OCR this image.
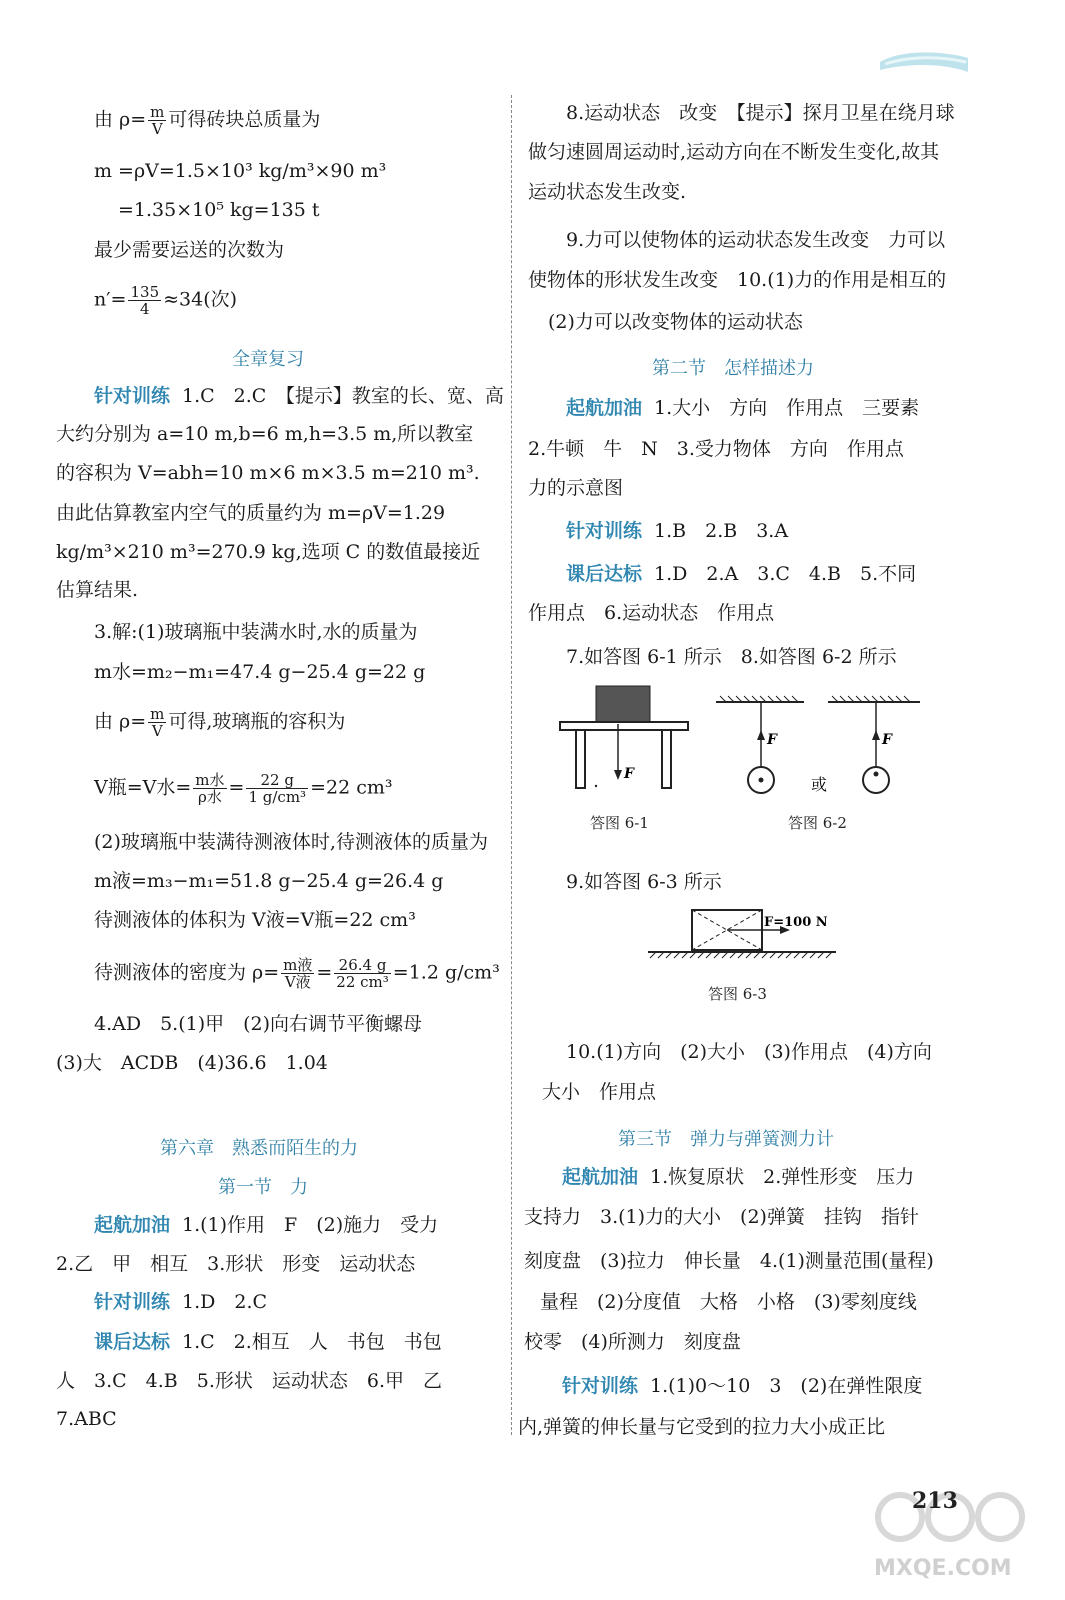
由 $\rho= \frac{m}{V}$ 可得砖块总质量为
m =ρV=1.5×10³ kg/m³×90 m³
=1.35×10⁵ kg=135 t
最少需要运送的次数为
$n'= \frac{135}{4} \approx 34$(次)
全章复习
针对训练 1.C　2.C　【提示】教室的长、宽、高
大约分别为 a=10 m,b=6 m,h=3.5 m,所以教室
的容积为 V=abh=10 m×6 m×3.5 m=210 m³.
由此估算教室内空气的质量约为 m=ρV=1.29
kg/m³×210 m³=270.9 kg,选项 C 的数值最接近
估算结果.
3.解:(1)玻璃瓶中装满水时,水的质量为
m水=m₂−m₁=47.4 g−25.4 g=22 g
由 $\rho= \frac{m}{V}$ 可得,玻璃瓶的容积为
V瓶=V水= $\frac{\text{m水}}{\text{ρ水}} = \frac{22 g}{\text{1 g/cm³}} =22$ cm³
(2)玻璃瓶中装满待测液体时,待测液体的质量为
m液=m₃−m₁=51.8 g−25.4 g=26.4 g
待测液体的体积为 V液=V瓶=22 cm³
待测液体的密度为 $\rho= \frac{\text{m液}}{\text{V液}} = \frac{26.4 g}{\text{22 cm³}} =1.2$ g/cm³
4.AD　5.(1)甲　(2)向右调节平衡螺母
(3)大　ACDB　(4)36.6　1.04
第六章　熟悉而陌生的力
第一节　力
起航加油 1.(1)作用　F　(2)施力　受力
2.乙　甲　相互　3.形状　形变　运动状态
针对训练 1.D　2.C
课后达标 1.C　2.相互　人　书包　书包
人　3.C　4.B　5.形状　运动状态　6.甲　乙
7.ABC
8.运动状态　改变　【提示】探月卫星在绕月球
做匀速圆周运动时,运动方向在不断发生变化,故其
运动状态发生改变.
9.力可以使物体的运动状态发生改变　力可以
使物体的形状发生改变　10.(1)力的作用是相互的
(2)力可以改变物体的运动状态
第二节　怎样描述力
起航加油 1.大小　方向　作用点　三要素
2.牛顿　牛　N　3.受力物体　方向　作用点
力的示意图
针对训练 1.B　2.B　3.A
课后达标 1.D　2.A　3.C　4.B　5.不同
作用点　6.运动状态　作用点
7.如答图 6-1 所示　8.如答图 6-2 所示
F
答图 6-1
F
或
F
答图 6-2
9.如答图 6-3 所示
F=100 N
答图 6-3
10.(1)方向　(2)大小　(3)作用点　(4)方向
大小　作用点
第三节　弹力与弹簧测力计
起航加油 1.恢复原状　2.弹性形变　压力
支持力　3.(1)力的大小　(2)弹簧　挂钩　指针
刻度盘　(3)拉力　伸长量　4.(1)测量范围(量程)
量程　(2)分度值　大格　小格　(3)零刻度线
校零　(4)所测力　刻度盘
针对训练 1.(1)0～10　3　(2)在弹性限度
内,弹簧的伸长量与它受到的拉力大小成正比
MXQE.COM
213
